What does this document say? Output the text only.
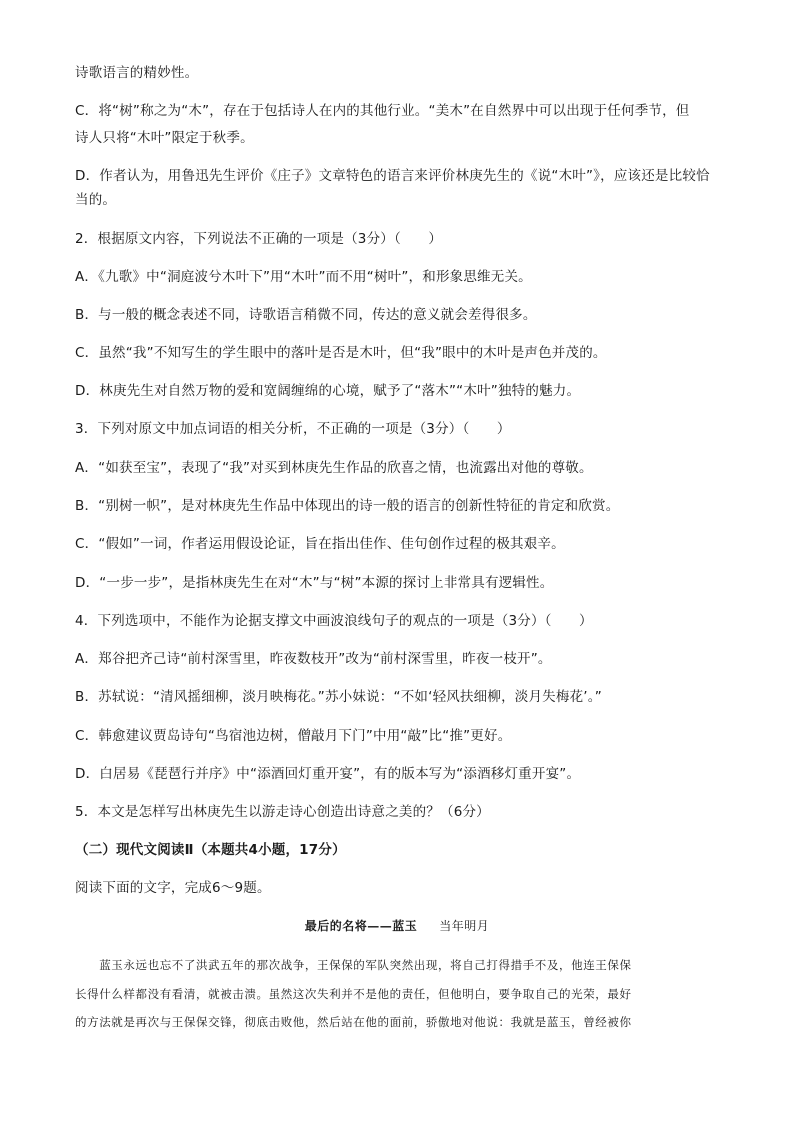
诗歌语言的精妙性。
C．将“树”称之为“木”，存在于包括诗人在内的其他行业。“美木”在自然界中可以出现于任何季节，但
诗人只将“木叶”限定于秋季。
D．作者认为，用鲁迅先生评价《庄子》文章特色的语言来评价林庚先生的《说“木叶”》，应该还是比较恰
当的。
2．根据原文内容，下列说法不正确的一项是（3分）（　　）
A．《九歌》中“洞庭波兮木叶下”用“木叶”而不用“树叶”，和形象思维无关。
B．与一般的概念表述不同，诗歌语言稍微不同，传达的意义就会差得很多。
C．虽然“我”不知写生的学生眼中的落叶是否是木叶，但“我”眼中的木叶是声色并茂的。
D．林庚先生对自然万物的爱和宽阔缠绵的心境，赋予了“落木”“木叶”独特的魅力。
3．下列对原文中加点词语的相关分析，不正确的一项是（3分）（　　）
A．“如获至宝”，表现了“我”对买到林庚先生作品的欣喜之情，也流露出对他的尊敬。
B．“别树一帜”，是对林庚先生作品中体现出的诗一般的语言的创新性特征的肯定和欣赏。
C．“假如”一词，作者运用假设论证，旨在指出佳作、佳句创作过程的极其艰辛。
D．“一步一步”，是指林庚先生在对“木”与“树”本源的探讨上非常具有逻辑性。
4．下列选项中，不能作为论据支撑文中画波浪线句子的观点的一项是（3分）（　　）
A．郑谷把齐己诗“前村深雪里，昨夜数枝开”改为“前村深雪里，昨夜一枝开”。
B．苏轼说：“清风摇细柳，淡月映梅花。”苏小妹说：“不如‘轻风扶细柳，淡月失梅花’。”
C．韩愈建议贾岛诗句“鸟宿池边树，僧敲月下门”中用“敲”比“推”更好。
D．白居易《琵琶行并序》中“添酒回灯重开宴”，有的版本写为“添酒移灯重开宴”。
5．本文是怎样写出林庚先生以游走诗心创造出诗意之美的？（6分）
（二）现代文阅读Ⅱ（本题共4小题，17分）
阅读下面的文字，完成6～9题。
最后的名将——蓝玉 当年明月
　　蓝玉永远也忘不了洪武五年的那次战争，王保保的军队突然出现，将自己打得措手不及，他连王保保
长得什么样都没有看清，就被击溃。虽然这次失利并不是他的责任，但他明白，要争取自己的光荣，最好
的方法就是再次与王保保交锋，彻底击败他，然后站在他的面前，骄傲地对他说：我就是蓝玉，曾经被你
